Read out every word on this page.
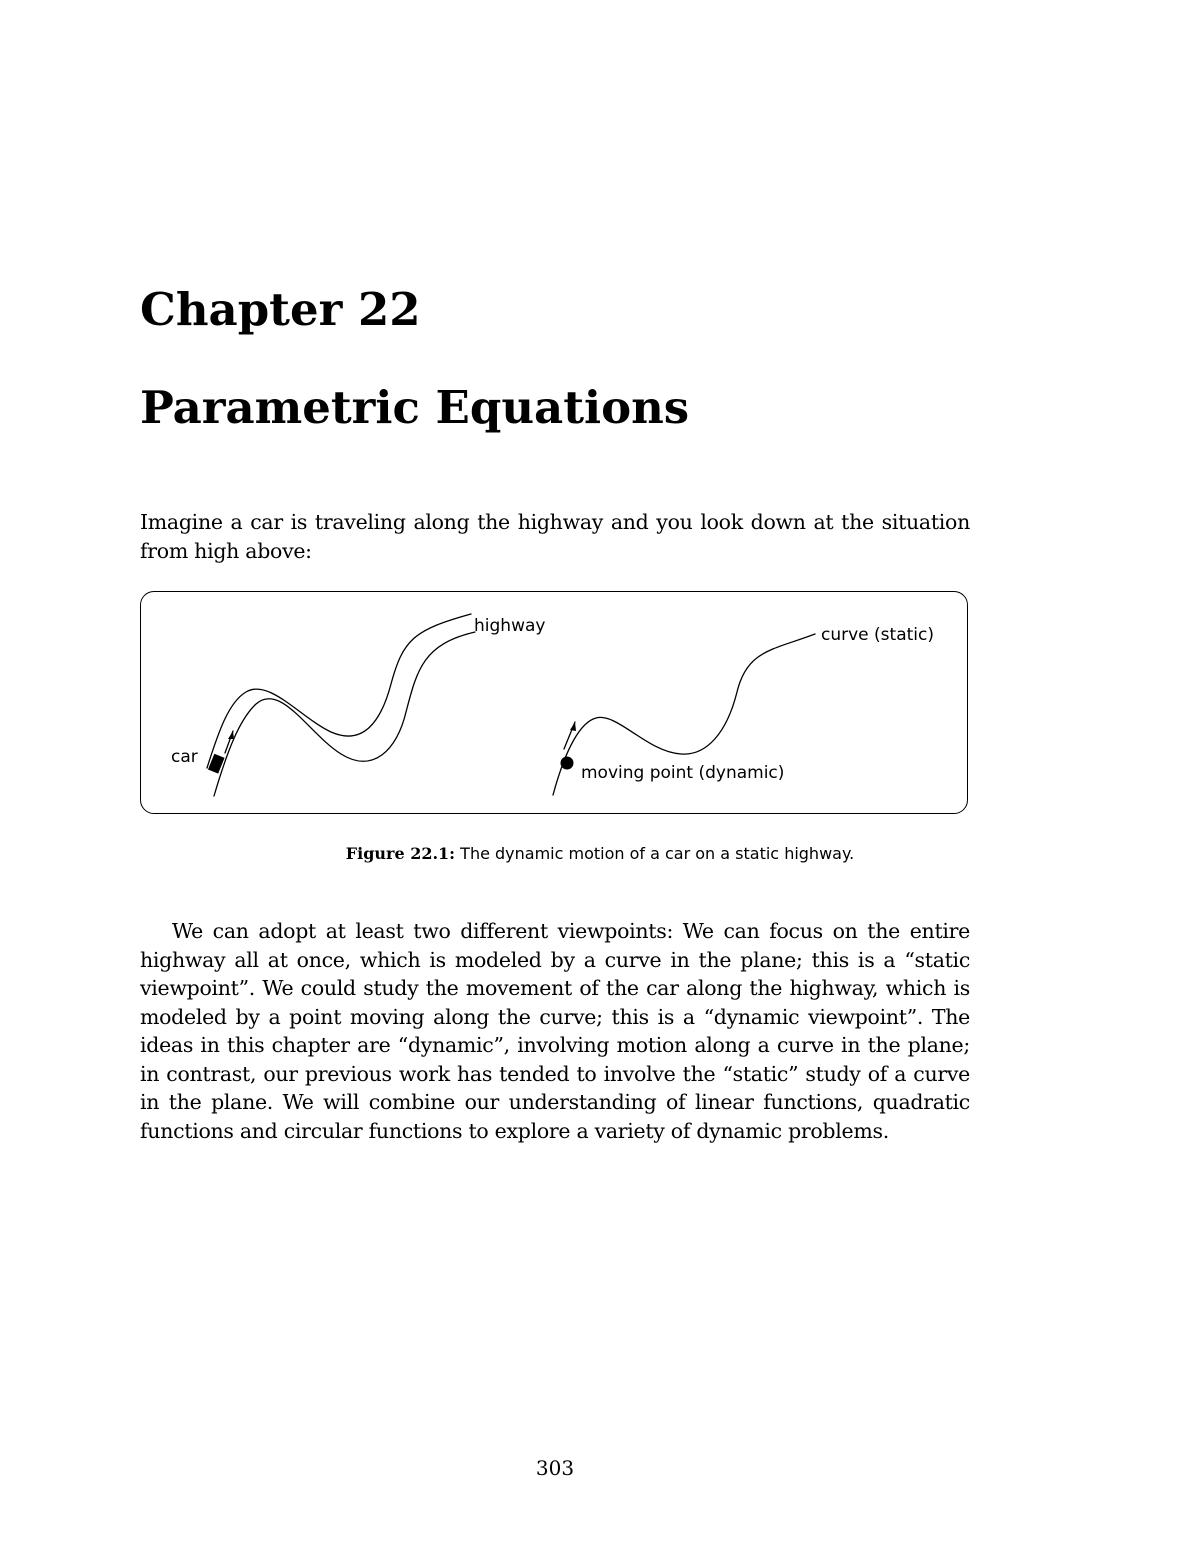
Chapter 22
Parametric Equations

Imagine a car is traveling along the highway and you look down at the situation from high above:

highway	curve (static)
car
moving point (dynamic)

Figure 22.1: The dynamic motion of a car on a static highway.

We can adopt at least two different viewpoints: We can focus on the entire highway all at once, which is modeled by a curve in the plane; this is a “static viewpoint”. We could study the movement of the car along the highway, which is modeled by a point moving along the curve; this is a “dynamic viewpoint”. The ideas in this chapter are “dynamic”, involving motion along a curve in the plane; in contrast, our previous work has tended to involve the “static” study of a curve in the plane. We will combine our understanding of linear functions, quadratic functions and circular functions to explore a variety of dynamic problems.

303
